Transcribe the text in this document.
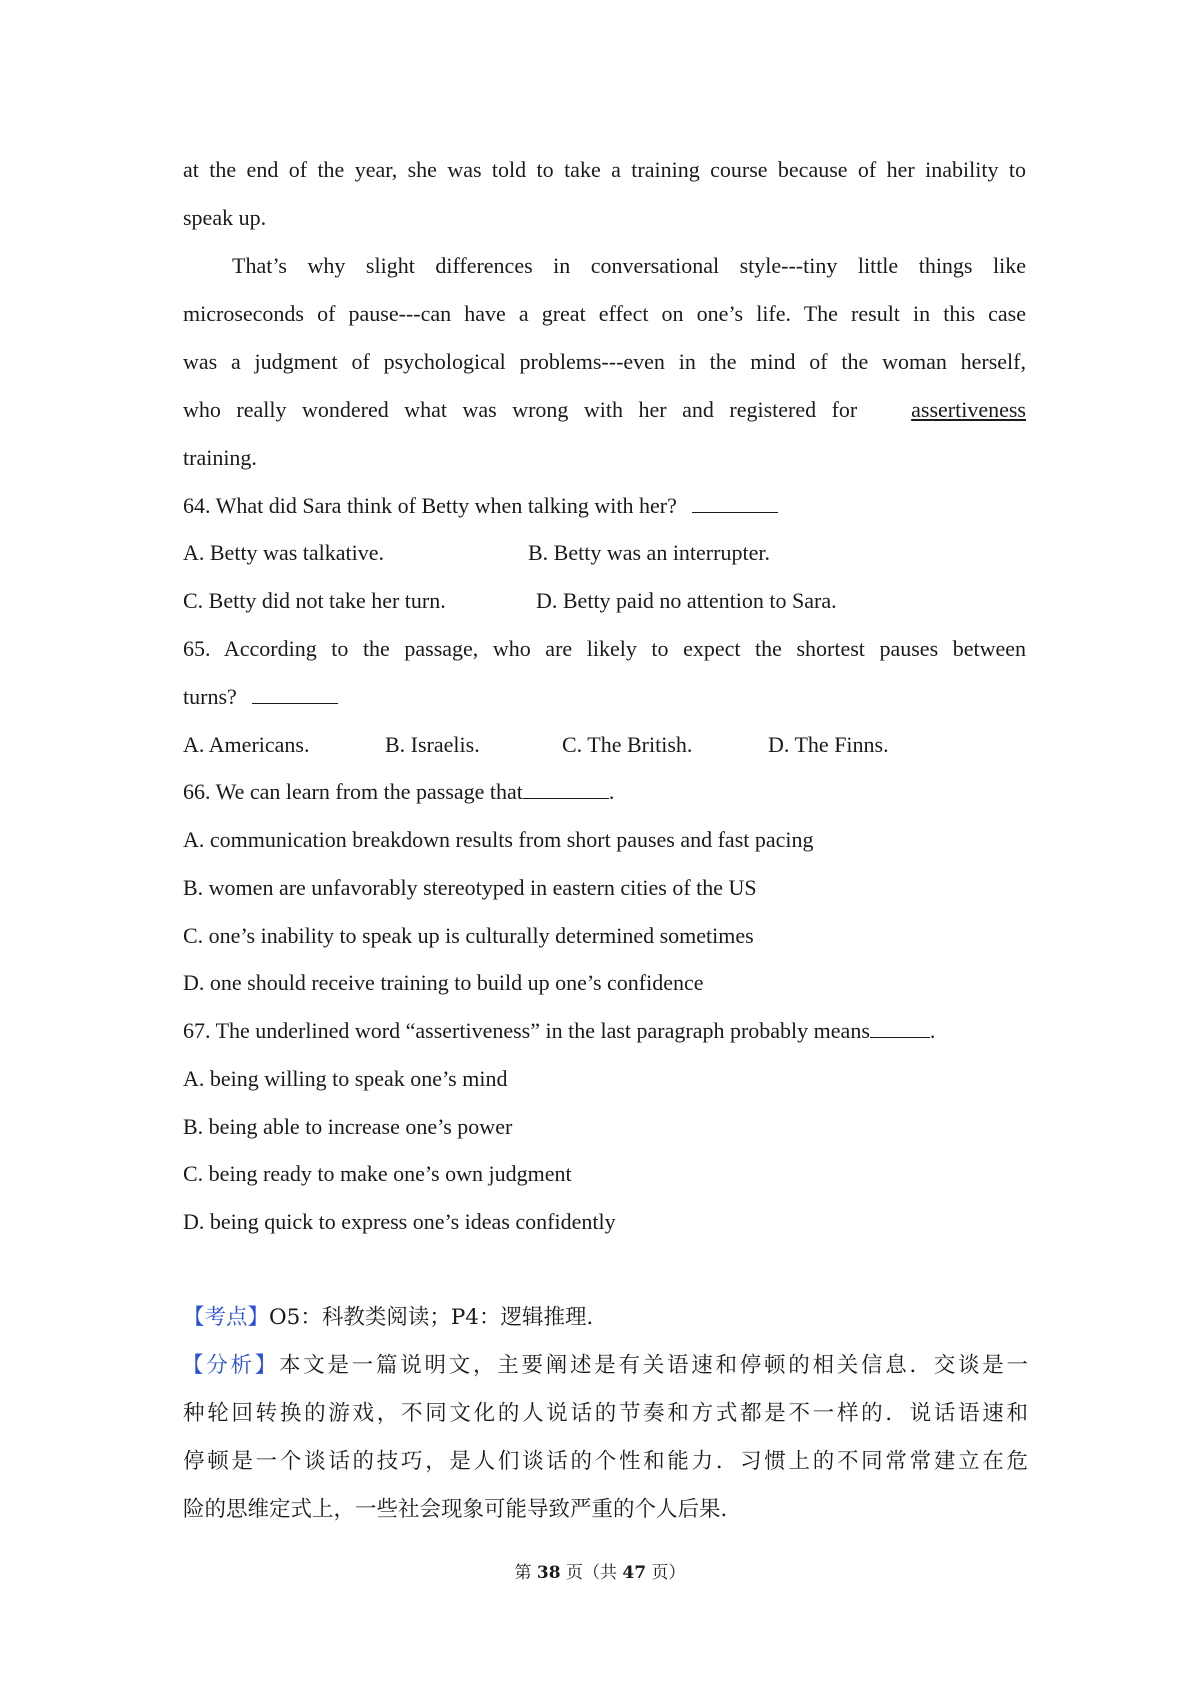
at the end of the year, she was told to take a training course because of her inability to
speak up.
That’s why slight differences in conversational style---tiny little things like
microseconds of pause---can have a great effect on one’s life. The result in this case
was a judgment of psychological problems---even in the mind of the woman herself,
who really wondered what was wrong with her and registered for assertiveness
training.
64. What did Sara think of Betty when talking with her?
A. Betty was talkative.	B. Betty was an interrupter.
C. Betty did not take her turn.	D. Betty paid no attention to Sara.
65. According to the passage, who are likely to expect the shortest pauses between
turns?
A. Americans.	B. Israelis.	C. The British.	D. The Finns.
66. We can learn from the passage that	.
A. communication breakdown results from short pauses and fast pacing
B. women are unfavorably stereotyped in eastern cities of the US
C. one’s inability to speak up is culturally determined sometimes
D. one should receive training to build up one’s confidence
67. The underlined word “assertiveness” in the last paragraph probably means	.
A. being willing to speak one’s mind
B. being able to increase one’s power
C. being ready to make one’s own judgment
D. being quick to express one’s ideas confidently
【考点】O5：科教类阅读；P4：逻辑推理．
【分析】本文是一篇说明文，主要阐述是有关语速和停顿的相关信息．交谈是一
种轮回转换的游戏，不同文化的人说话的节奏和方式都是不一样的．说话语速和
停顿是一个谈话的技巧，是人们谈话的个性和能力．习惯上的不同常常建立在危
险的思维定式上，一些社会现象可能导致严重的个人后果．
第 38 页（共 47 页）
